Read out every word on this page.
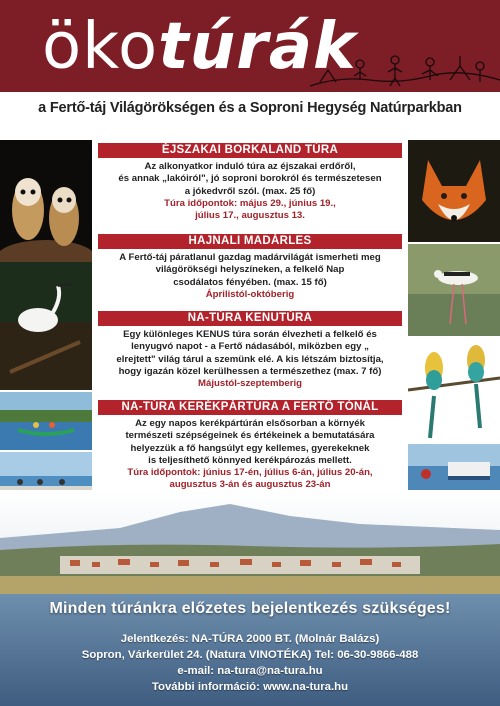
ökotúrák
a Fertő-táj Világörökségen és a Soproni Hegység Natúrparkban
ÉJSZAKAI BORKALAND TÚRA
Az alkonyatkor induló túra az éjszakai erdőről,
és annak „lakóiról", jó soproni borokról és természetesen
a jókedvről szól. (max. 25 fő)
Túra időpontok: május 29., június 19.,
július 17., augusztus 13.
HAJNALI MADÁRLES
A Fertő-táj páratlanul gazdag madárvilágát ismerheti meg
világörökségi helyszíneken, a felkelő Nap
csodálatos fényében. (max. 15 fő)
Áprilistól-októberig
NA-TÚRA KENUTÚRA
Egy különleges KENUS túra során élvezheti a felkelő és
lenyugvó napot - a Fertő nádasából, miközben egy „
elrejtett" világ tárul a szemünk elé. A kis létszám biztosítja,
hogy igazán közel kerülhessen a természethez (max. 7 fő)
Májustól-szeptemberig
NA-TÚRA KERÉKPÁRTÚRA A FERTŐ TÓNÁL
Az egy napos kerékpártúrán elsősorban a környék
természeti szépségeinek és értékeinek a bemutatására
helyezzük a fő hangsúlyt egy kellemes, gyerekeknek
is teljesíthető könnyed kerékpározás mellett.
Túra időpontok: június 17-én, július 6-án, július 20-án,
augusztus 3-án és augusztus 23-án
Minden túránkra előzetes bejelentkezés szükséges!
Jelentkezés: NA-TÚRA 2000 BT. (Molnár Balázs)
Sopron, Várkerület 24. (Natura VINOTÉKA) Tel: 06-30-9866-488
e-mail: na-tura@na-tura.hu
További információ: www.na-tura.hu
